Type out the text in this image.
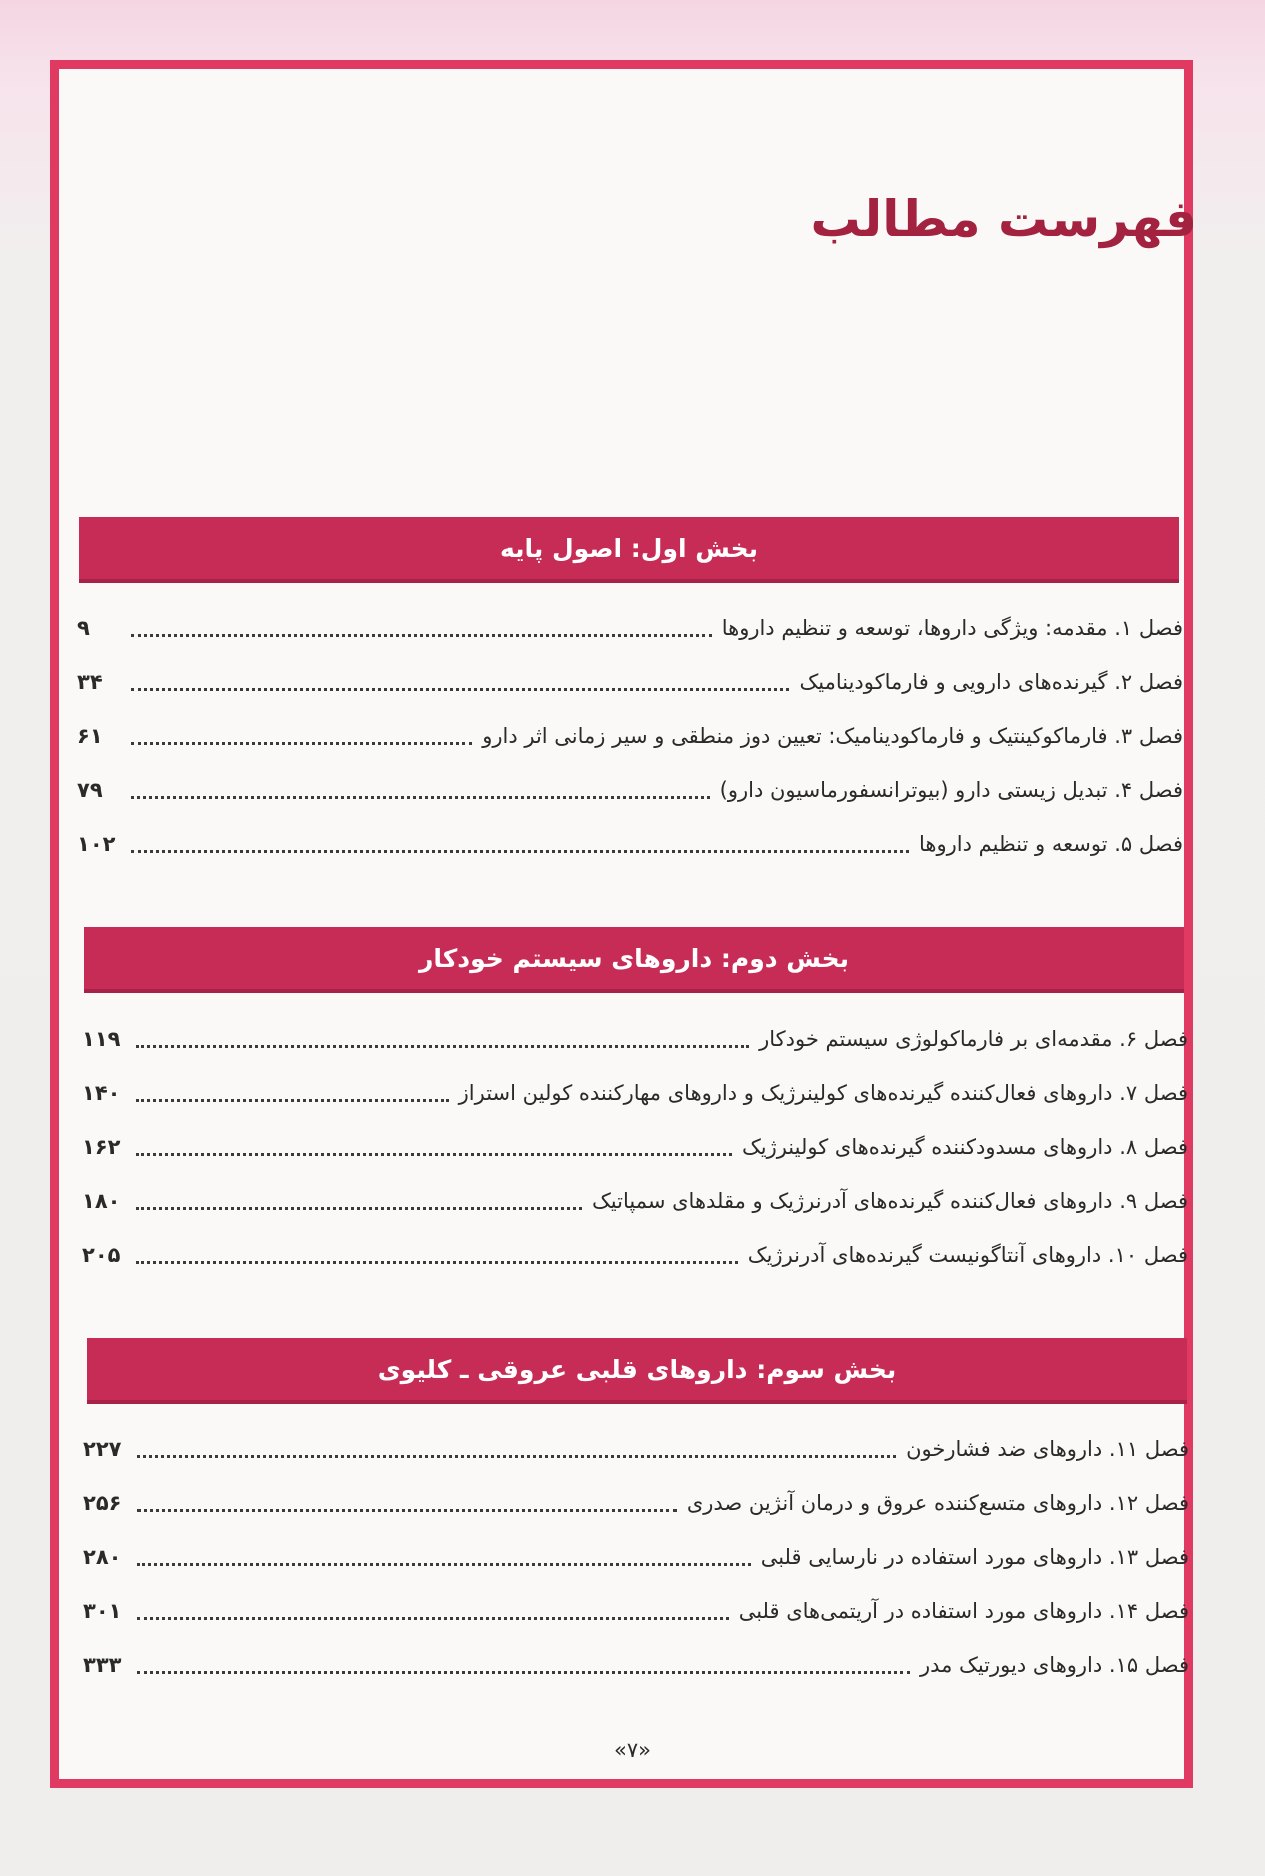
فهرست مطالب
بخش اول: اصول پایه
فصل ۱. مقدمه: ویژگی داروها، توسعه و تنظیم داروها
۹
فصل ۲. گیرنده‌های دارویی و فارماکودینامیک
۳۴
فصل ۳. فارماکوکینتیک و فارماکودینامیک: تعیین دوز منطقی و سیر زمانی اثر دارو
۶۱
فصل ۴. تبدیل زیستی دارو (بیوترانسفورماسیون دارو)
۷۹
فصل ۵. توسعه و تنظیم داروها
۱۰۲
بخش دوم: داروهای سیستم خودکار
فصل ۶. مقدمه‌ای بر فارماکولوژی سیستم خودکار
۱۱۹
فصل ۷. داروهای فعال‌کننده گیرنده‌های کولینرژیک و داروهای مهارکننده کولین استراز
۱۴۰
فصل ۸. داروهای مسدودکننده گیرنده‌های کولینرژیک
۱۶۲
فصل ۹. داروهای فعال‌کننده گیرنده‌های آدرنرژیک و مقلدهای سمپاتیک
۱۸۰
فصل ۱۰. داروهای آنتاگونیست گیرنده‌های آدرنرژیک
۲۰۵
بخش سوم: داروهای قلبی عروقی ـ کلیوی
فصل ۱۱. داروهای ضد فشارخون
۲۲۷
فصل ۱۲. داروهای متسع‌کننده عروق و درمان آنژین صدری
۲۵۶
فصل ۱۳. داروهای مورد استفاده در نارسایی قلبی
۲۸۰
فصل ۱۴. داروهای مورد استفاده در آریتمی‌های قلبی
۳۰۱
فصل ۱۵. داروهای دیورتیک مدر
۳۳۳
«۷»
